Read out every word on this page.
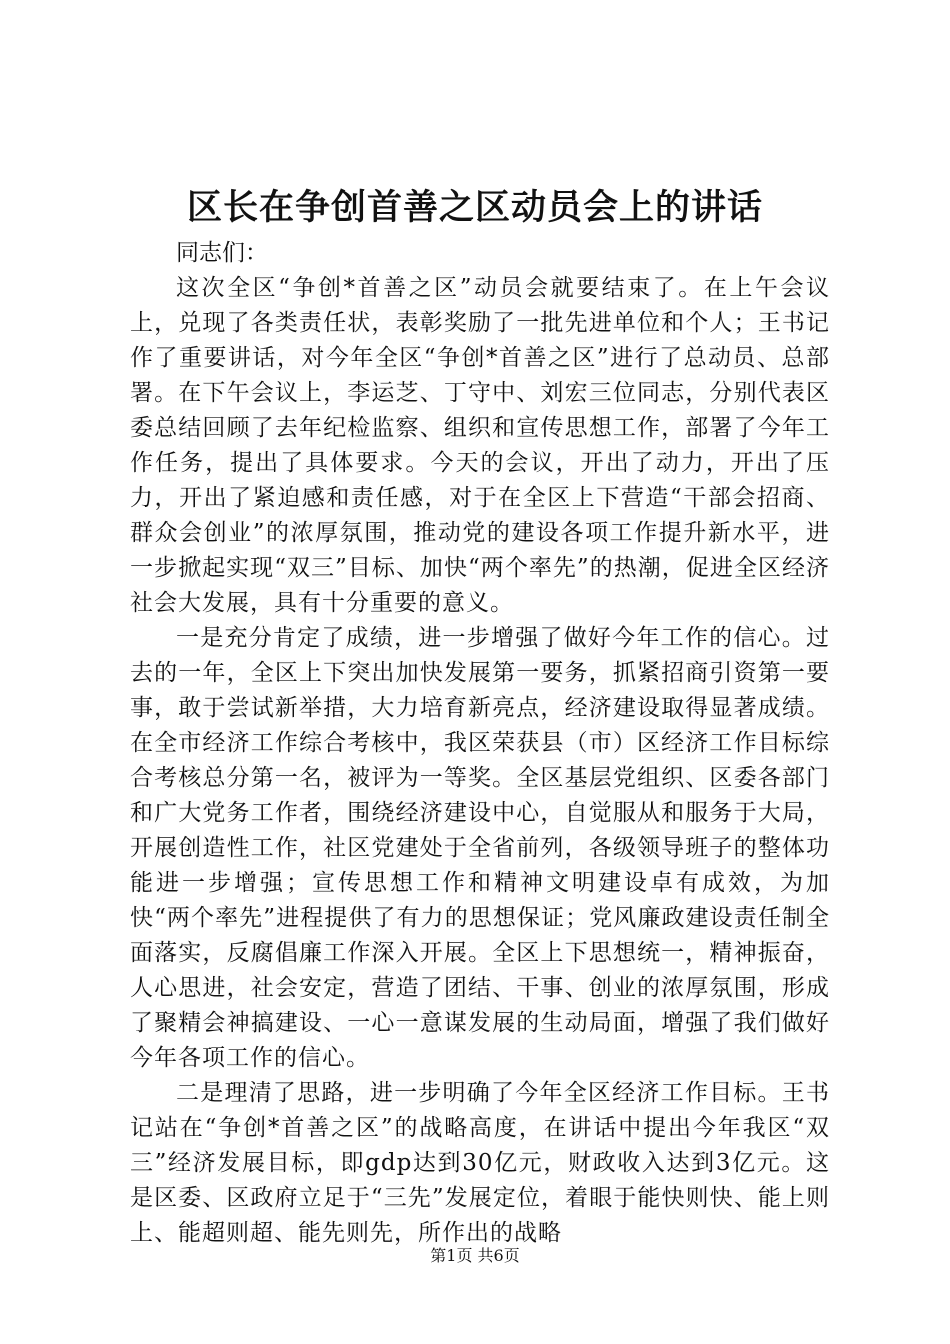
区长在争创首善之区动员会上的讲话

同志们：

这次全区“争创*首善之区”动员会就要结束了。在上午会议上，兑现了各类责任状，表彰奖励了一批先进单位和个人；王书记作了重要讲话，对今年全区“争创*首善之区”进行了总动员、总部署。在下午会议上，李运芝、丁守中、刘宏三位同志，分别代表区委总结回顾了去年纪检监察、组织和宣传思想工作，部署了今年工作任务，提出了具体要求。今天的会议，开出了动力，开出了压力，开出了紧迫感和责任感，对于在全区上下营造“干部会招商、群众会创业”的浓厚氛围，推动党的建设各项工作提升新水平，进一步掀起实现“双三”目标、加快“两个率先”的热潮，促进全区经济社会大发展，具有十分重要的意义。

一是充分肯定了成绩，进一步增强了做好今年工作的信心。过去的一年，全区上下突出加快发展第一要务，抓紧招商引资第一要事，敢于尝试新举措，大力培育新亮点，经济建设取得显著成绩。在全市经济工作综合考核中，我区荣获县（市）区经济工作目标综合考核总分第一名，被评为一等奖。全区基层党组织、区委各部门和广大党务工作者，围绕经济建设中心，自觉服从和服务于大局，开展创造性工作，社区党建处于全省前列，各级领导班子的整体功能进一步增强；宣传思想工作和精神文明建设卓有成效，为加快“两个率先”进程提供了有力的思想保证；党风廉政建设责任制全面落实，反腐倡廉工作深入开展。全区上下思想统一，精神振奋，人心思进，社会安定，营造了团结、干事、创业的浓厚氛围，形成了聚精会神搞建设、一心一意谋发展的生动局面，增强了我们做好今年各项工作的信心。

二是理清了思路，进一步明确了今年全区经济工作目标。王书记站在“争创*首善之区”的战略高度，在讲话中提出今年我区“双三”经济发展目标，即gdp达到30亿元，财政收入达到3亿元。这是区委、区政府立足于“三先”发展定位，着眼于能快则快、能上则上、能超则超、能先则先，所作出的战略

第1页 共6页
